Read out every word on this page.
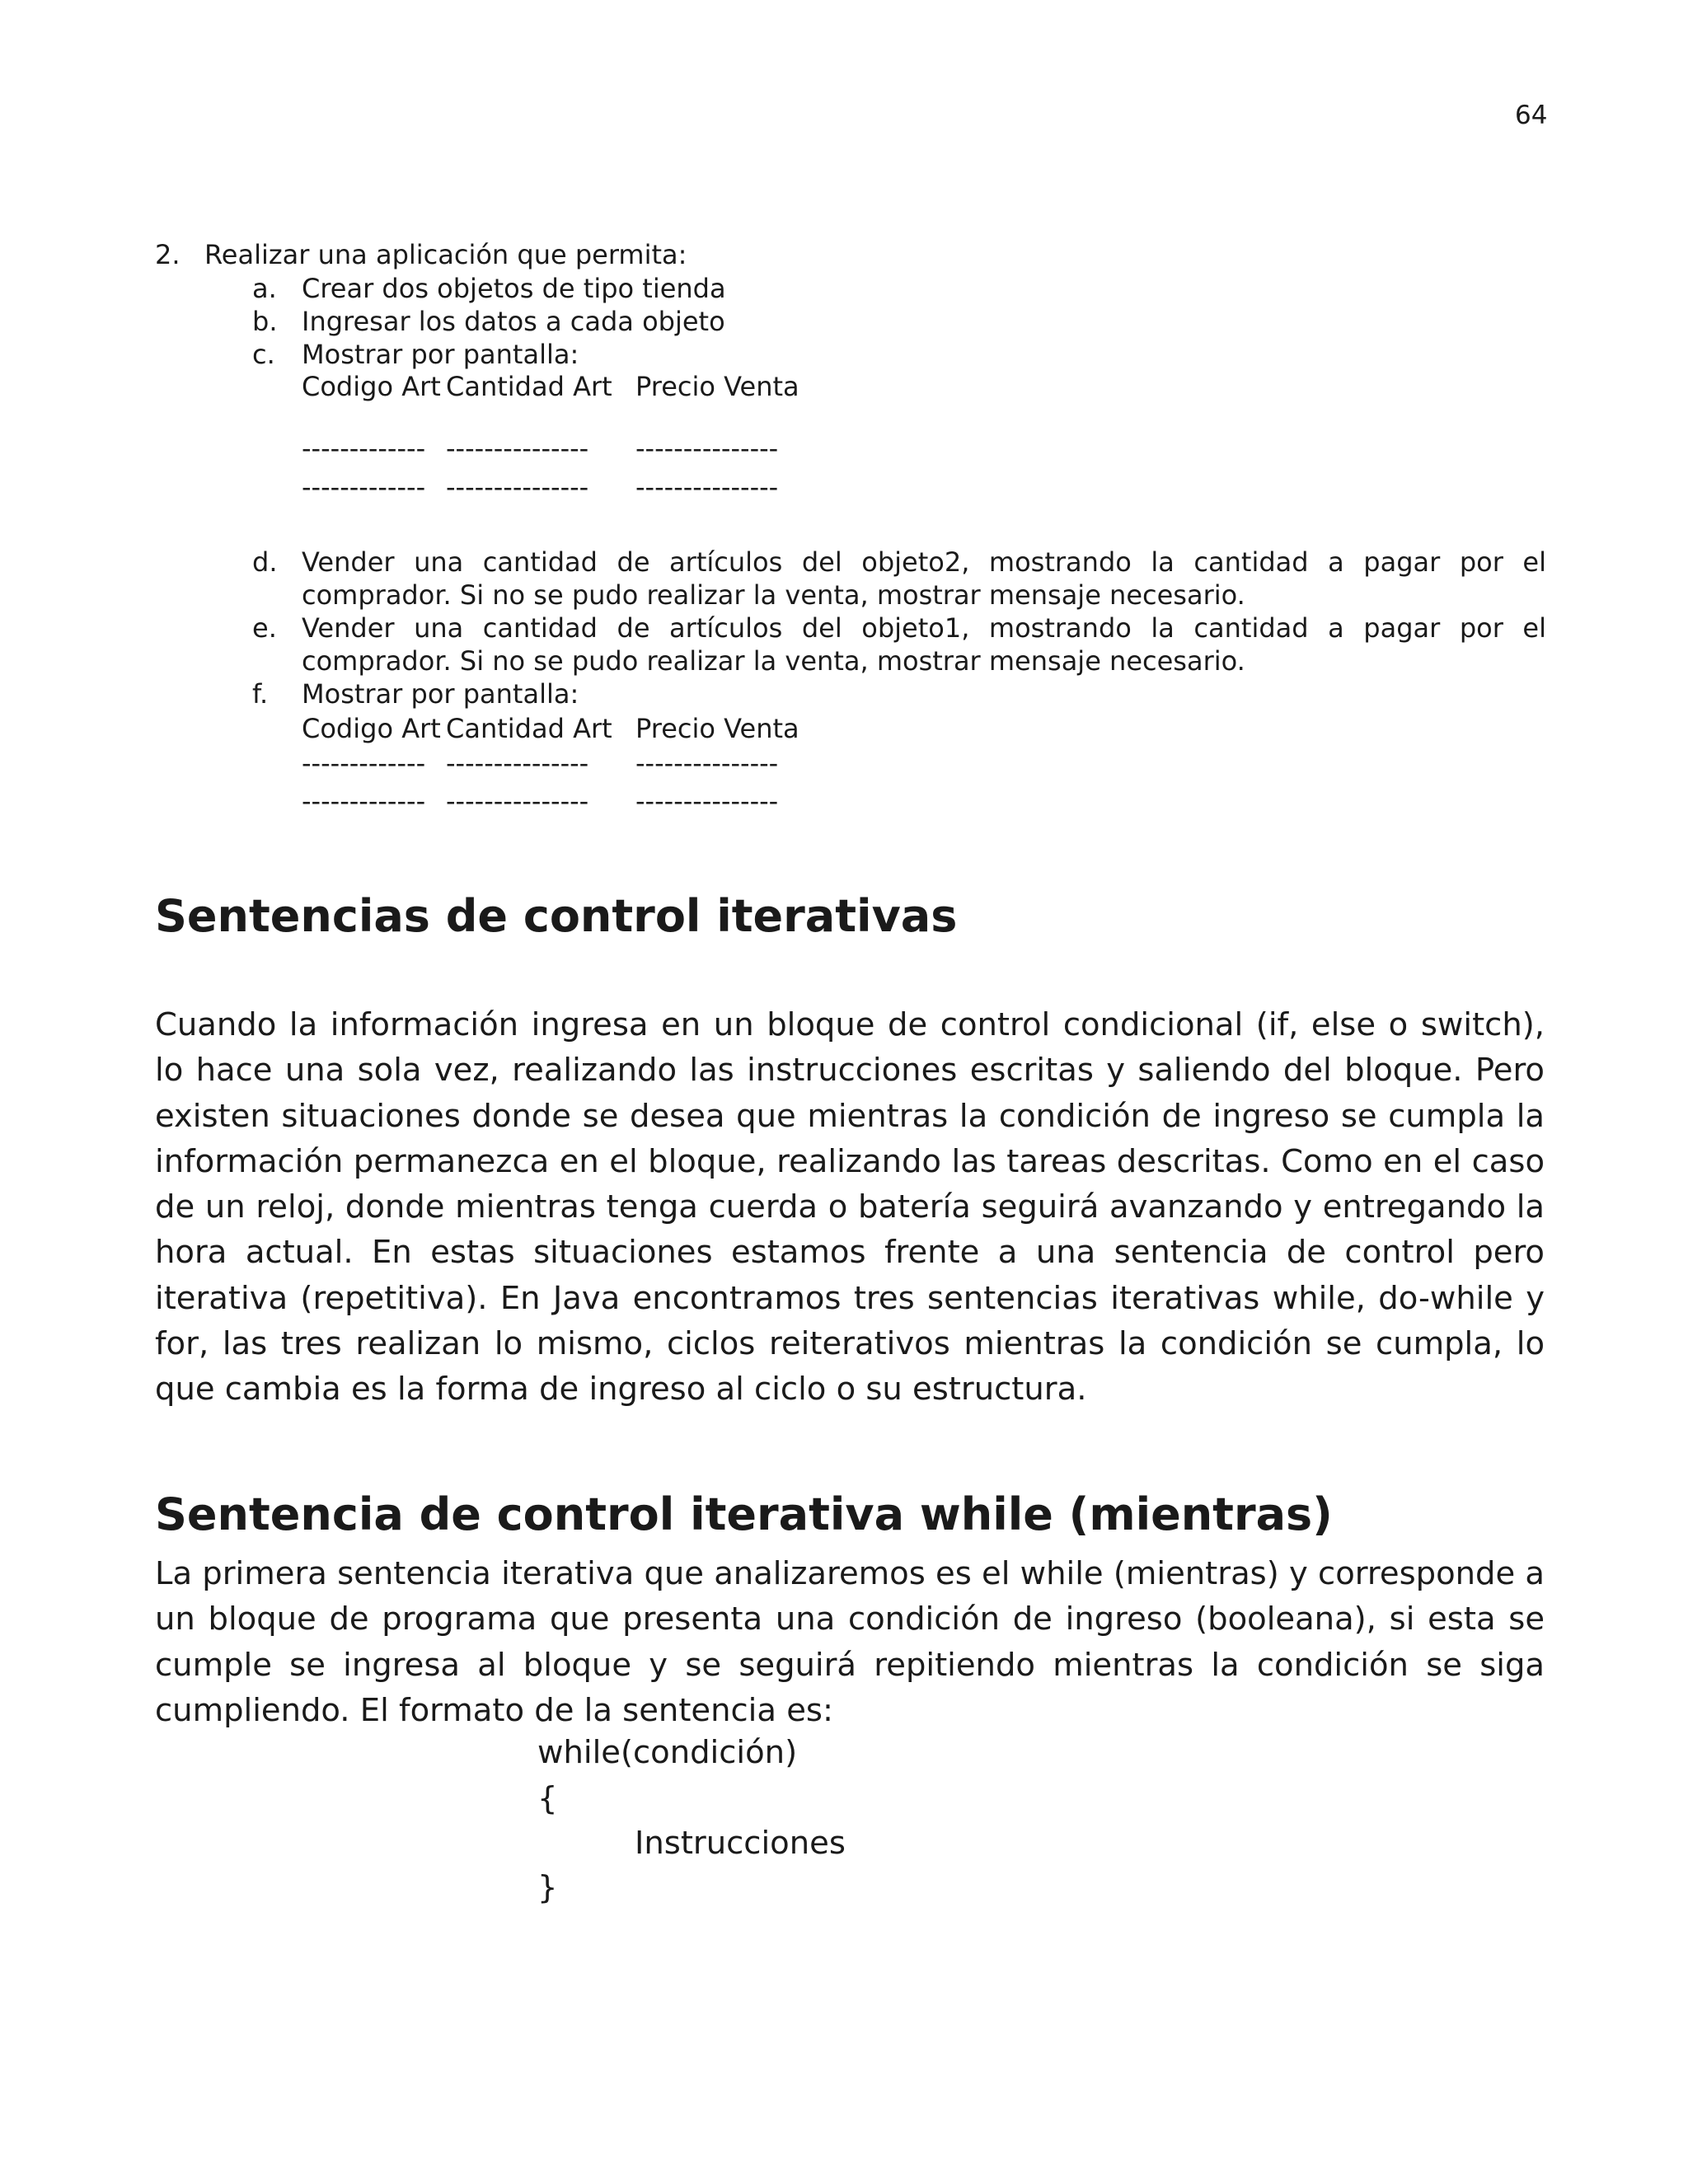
64
2. Realizar una aplicación que permita:
a. Crear dos objetos de tipo tienda
b. Ingresar los datos a cada objeto
c. Mostrar por pantalla:

Codigo Art

Cantidad Art

Precio Venta

-------------

---------------

---------------

-------------

---------------

---------------

d. Vender una cantidad de artículos del objeto2, mostrando la cantidad a pagar por el comprador. Si no se pudo realizar la venta, mostrar mensaje necesario.
e. Vender una cantidad de artículos del objeto1, mostrando la cantidad a pagar por el comprador. Si no se pudo realizar la venta, mostrar mensaje necesario.
f. Mostrar por pantalla:

Codigo Art

Cantidad Art

Precio Venta

-------------

---------------

---------------

-------------

---------------

---------------

Sentencias de control iterativas
Cuando la información ingresa en un bloque de control condicional (if, else o switch), lo hace una sola vez, realizando las instrucciones escritas y saliendo del bloque. Pero existen situaciones donde se desea que mientras la condición de ingreso se cumpla la información permanezca en el bloque, realizando las tareas descritas. Como en el caso de un reloj, donde mientras tenga cuerda o batería seguirá avanzando y entregando la hora actual. En estas situaciones estamos frente a una sentencia de control pero iterativa (repetitiva). En Java encontramos tres sentencias iterativas while, do-while y for, las tres realizan lo mismo, ciclos reiterativos mientras la condición se cumpla, lo que cambia es la forma de ingreso al ciclo o su estructura.
Sentencia de control iterativa while (mientras)
La primera sentencia iterativa que analizaremos es el while (mientras) y corresponde a un bloque de programa que presenta una condición de ingreso (booleana), si esta se cumple se ingresa al bloque y se seguirá repitiendo mientras la condición se siga cumpliendo. El formato de la sentencia es:
while(condición)
{
Instrucciones
}
